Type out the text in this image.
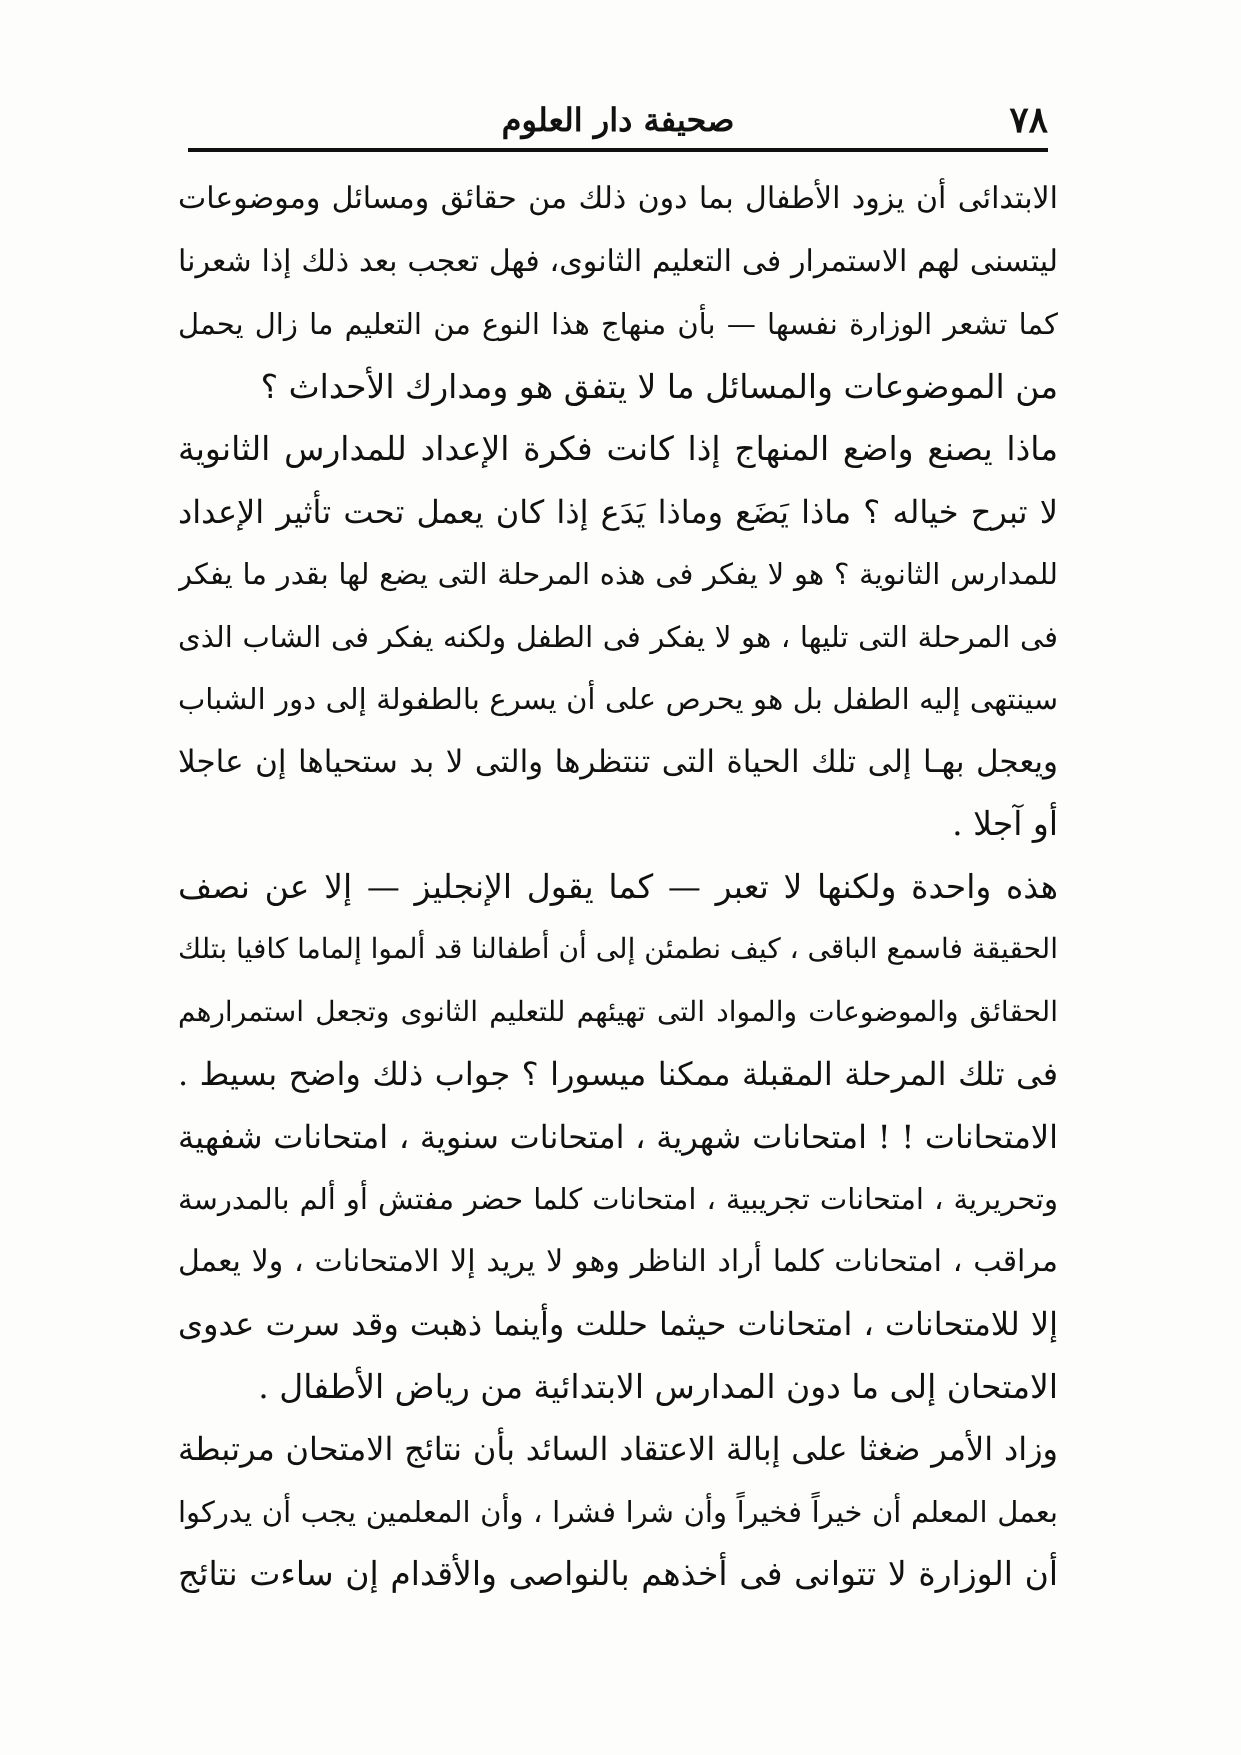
٧٨
صحيفة دار العلوم
الابتدائى أن يزود الأطفال بما دون ذلك من حقائق ومسائل وموضوعات
ليتسنى لهم الاستمرار فى التعليم الثانوى، فهل تعجب بعد ذلك إذا شعرنا
كما تشعر الوزارة نفسها — بأن منهاج هذا النوع من التعليم ما زال يحمل
من الموضوعات والمسائل ما لا يتفق هو ومدارك الأحداث ؟
ماذا يصنع واضع المنهاج إذا كانت فكرة الإعداد للمدارس الثانوية
لا تبرح خياله ؟ ماذا يَضَع وماذا يَدَع إذا كان يعمل تحت تأثير الإعداد
للمدارس الثانوية ؟ هو لا يفكر فى هذه المرحلة التى يضع لها بقدر ما يفكر
فى المرحلة التى تليها ، هو لا يفكر فى الطفل ولكنه يفكر فى الشاب الذى
سينتهى إليه الطفل بل هو يحرص على أن يسرع بالطفولة إلى دور الشباب
ويعجل بهـا إلى تلك الحياة التى تنتظرها والتى لا بد ستحياها إن عاجلا
أو آجلا .
هذه واحدة ولكنها لا تعبر — كما يقول الإنجليز — إلا عن نصف
الحقيقة فاسمع الباقى ، كيف نطمئن إلى أن أطفالنا قد ألموا إلماما كافيا بتلك
الحقائق والموضوعات والمواد التى تهيئهم للتعليم الثانوى وتجعل استمرارهم
فى تلك المرحلة المقبلة ممكنا ميسورا ؟ جواب ذلك واضح بسيط .
الامتحانات ! ! امتحانات شهرية ، امتحانات سنوية ، امتحانات شفهية
وتحريرية ، امتحانات تجريبية ، امتحانات كلما حضر مفتش أو ألم بالمدرسة
مراقب ، امتحانات كلما أراد الناظر وهو لا يريد إلا الامتحانات ، ولا يعمل
إلا للامتحانات ، امتحانات حيثما حللت وأينما ذهبت وقد سرت عدوى
الامتحان إلى ما دون المدارس الابتدائية من رياض الأطفال .
وزاد الأمر ضغثا على إبالة الاعتقاد السائد بأن نتائج الامتحان مرتبطة
بعمل المعلم أن خيراً فخيراً وأن شرا فشرا ، وأن المعلمين يجب أن يدركوا
أن الوزارة لا تتوانى فى أخذهم بالنواصى والأقدام إن ساءت نتائج
